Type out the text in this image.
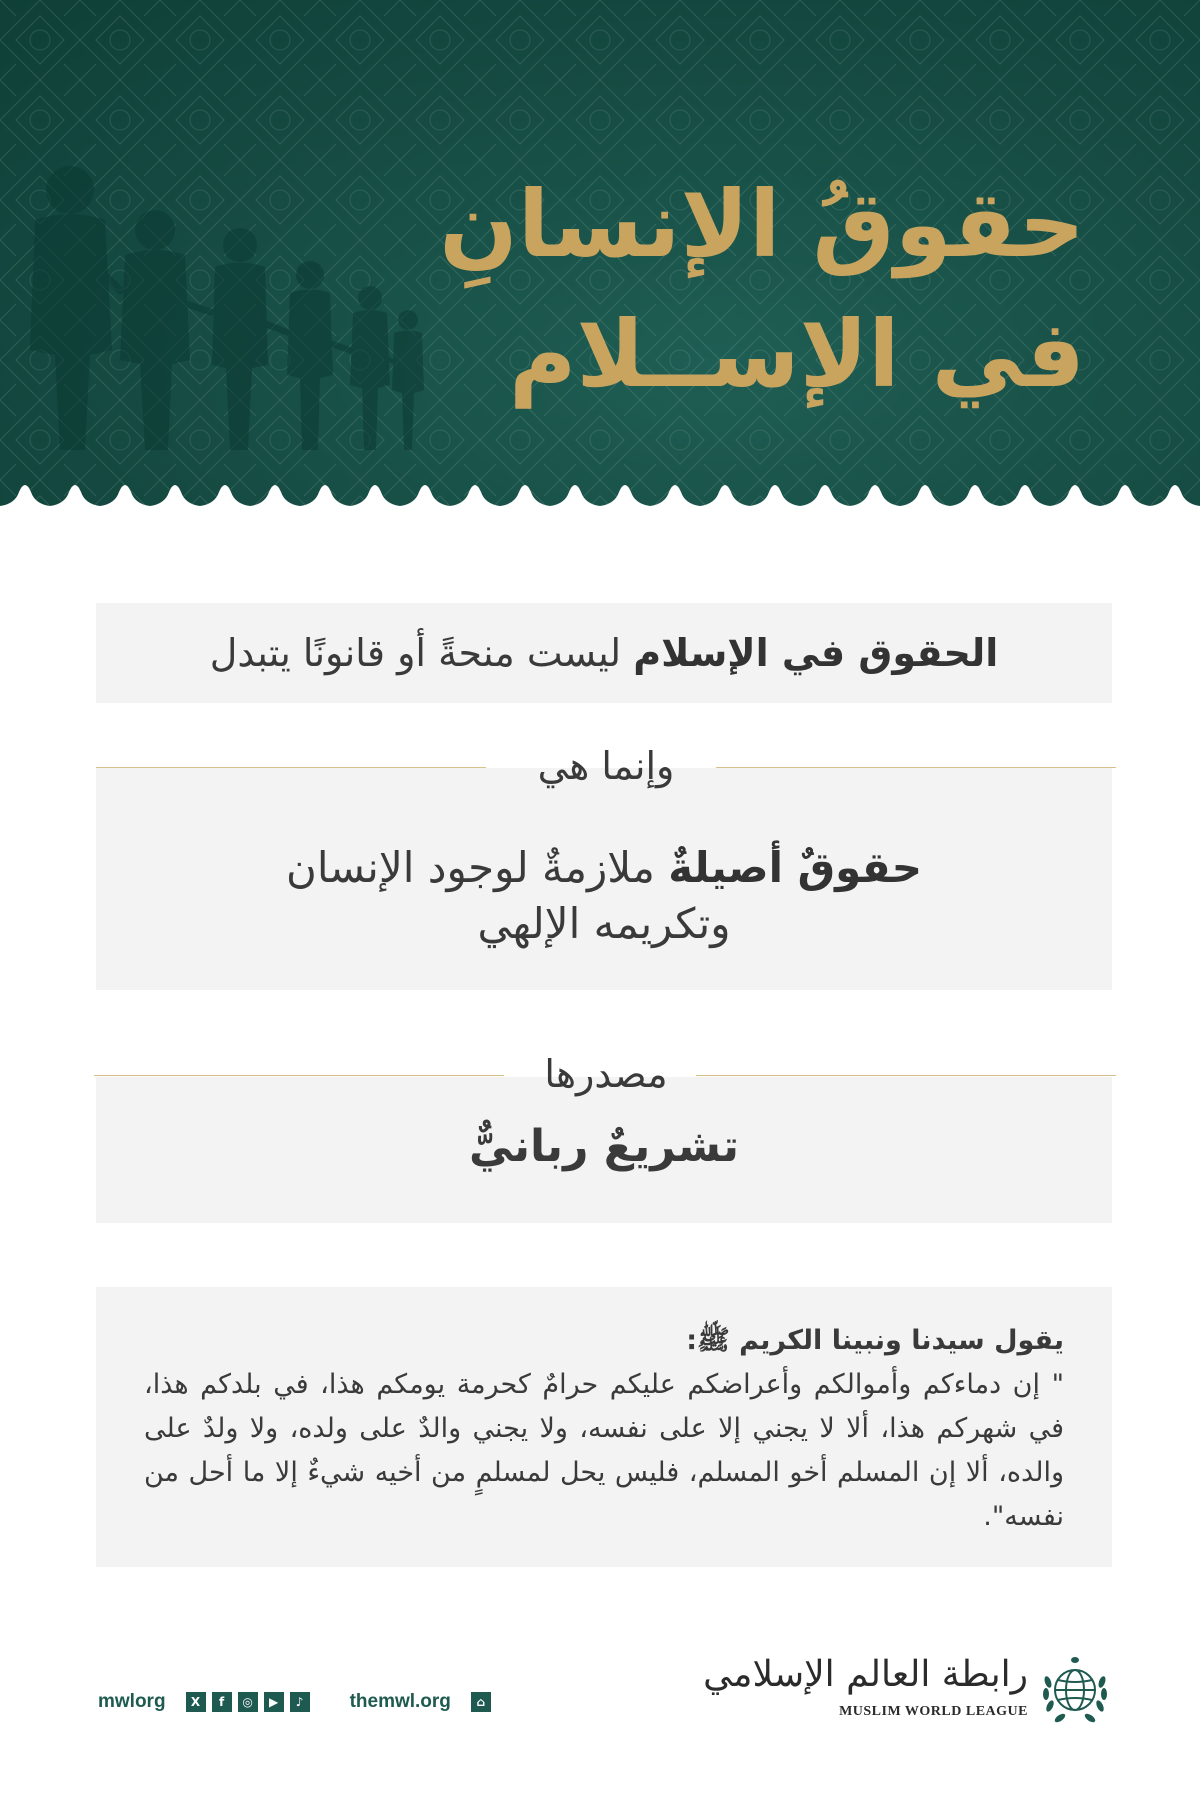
حقوقُ الإنسانِ
في الإســلام
الحقوق في الإسلام ليست منحةً أو قانونًا يتبدل
حقوقٌ أصيلةٌ ملازمةٌ لوجود الإنسان
وتكريمه الإلهي
وإنما هي
تشريعٌ ربانيٌّ
مصدرها

يقول سيدنا ونبينا الكريم ﷺ:

" إن دماءكم وأموالكم وأعراضكم عليكم حرامٌ كحرمة يومكم هذا، في بلدكم هذا، في شهركم هذا، ألا لا يجني إلا على نفسه، ولا يجني والدٌ على ولده، ولا ولدٌ على والده، ألا إن المسلم أخو المسلم، فليس يحل لمسلمٍ من أخيه شيءٌ إلا ما أحل من نفسه".

mwlorg	X	f	◎	▶	♪	themwl.org	⌂
رابطة العالم الإسلامي
MUSLIM WORLD LEAGUE
